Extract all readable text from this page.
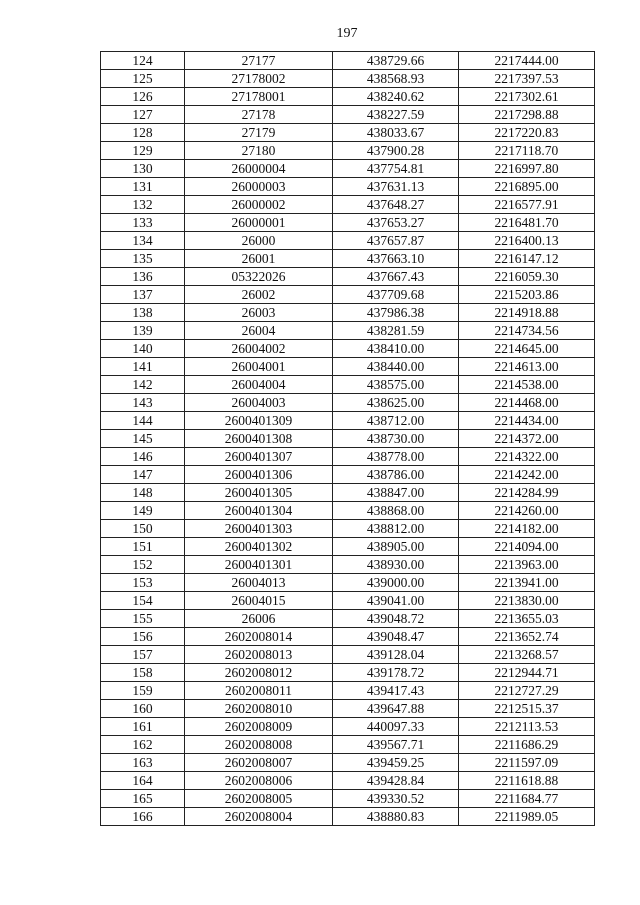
197
124	27177	438729.66	2217444.00
125	27178002	438568.93	2217397.53
126	27178001	438240.62	2217302.61
127	27178	438227.59	2217298.88
128	27179	438033.67	2217220.83
129	27180	437900.28	2217118.70
130	26000004	437754.81	2216997.80
131	26000003	437631.13	2216895.00
132	26000002	437648.27	2216577.91
133	26000001	437653.27	2216481.70
134	26000	437657.87	2216400.13
135	26001	437663.10	2216147.12
136	05322026	437667.43	2216059.30
137	26002	437709.68	2215203.86
138	26003	437986.38	2214918.88
139	26004	438281.59	2214734.56
140	26004002	438410.00	2214645.00
141	26004001	438440.00	2214613.00
142	26004004	438575.00	2214538.00
143	26004003	438625.00	2214468.00
144	2600401309	438712.00	2214434.00
145	2600401308	438730.00	2214372.00
146	2600401307	438778.00	2214322.00
147	2600401306	438786.00	2214242.00
148	2600401305	438847.00	2214284.99
149	2600401304	438868.00	2214260.00
150	2600401303	438812.00	2214182.00
151	2600401302	438905.00	2214094.00
152	2600401301	438930.00	2213963.00
153	26004013	439000.00	2213941.00
154	26004015	439041.00	2213830.00
155	26006	439048.72	2213655.03
156	2602008014	439048.47	2213652.74
157	2602008013	439128.04	2213268.57
158	2602008012	439178.72	2212944.71
159	2602008011	439417.43	2212727.29
160	2602008010	439647.88	2212515.37
161	2602008009	440097.33	2212113.53
162	2602008008	439567.71	2211686.29
163	2602008007	439459.25	2211597.09
164	2602008006	439428.84	2211618.88
165	2602008005	439330.52	2211684.77
166	2602008004	438880.83	2211989.05
